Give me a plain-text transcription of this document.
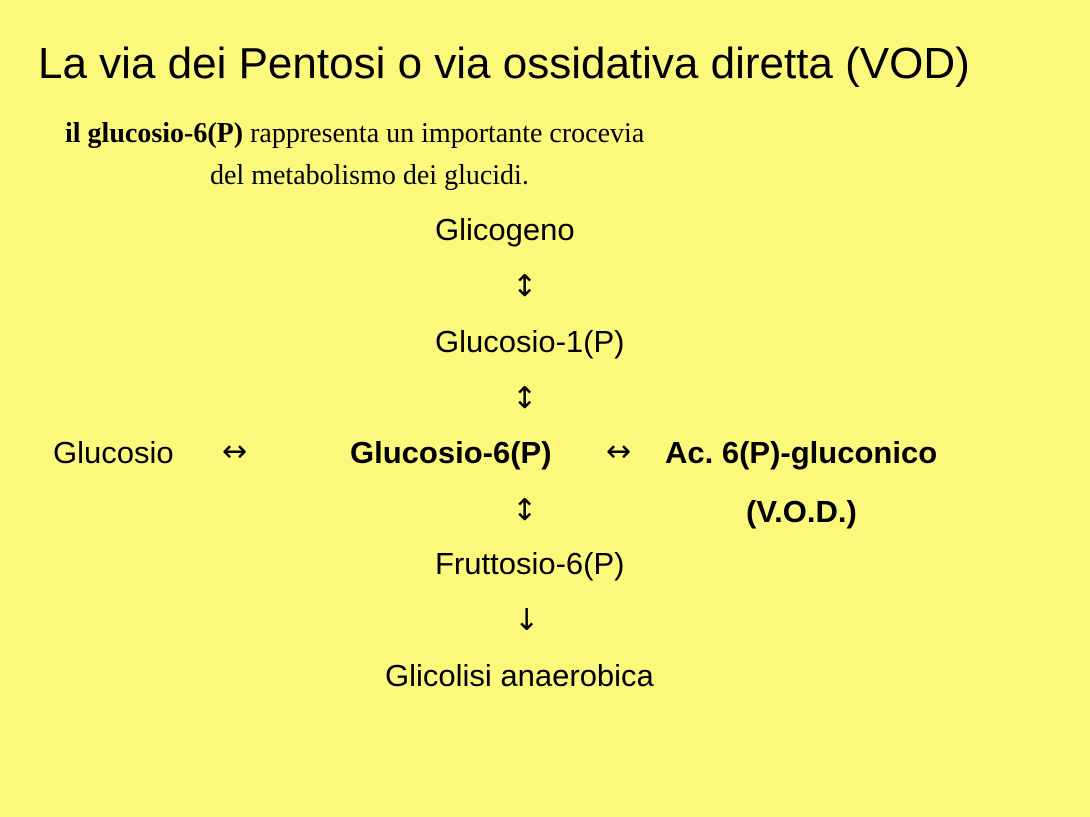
La via dei Pentosi o via ossidativa diretta (VOD)
il glucosio-6(P) rappresenta un importante crocevia
del metabolismo dei glucidi.
Glicogeno
↕
Glucosio-1(P)
↕
Glucosio ↔	Glucosio-6(P) ↔ Ac. 6(P)-gluconico
↕	(V.O.D.)
Fruttosio-6(P)
↓
Glicolisi anaerobica
